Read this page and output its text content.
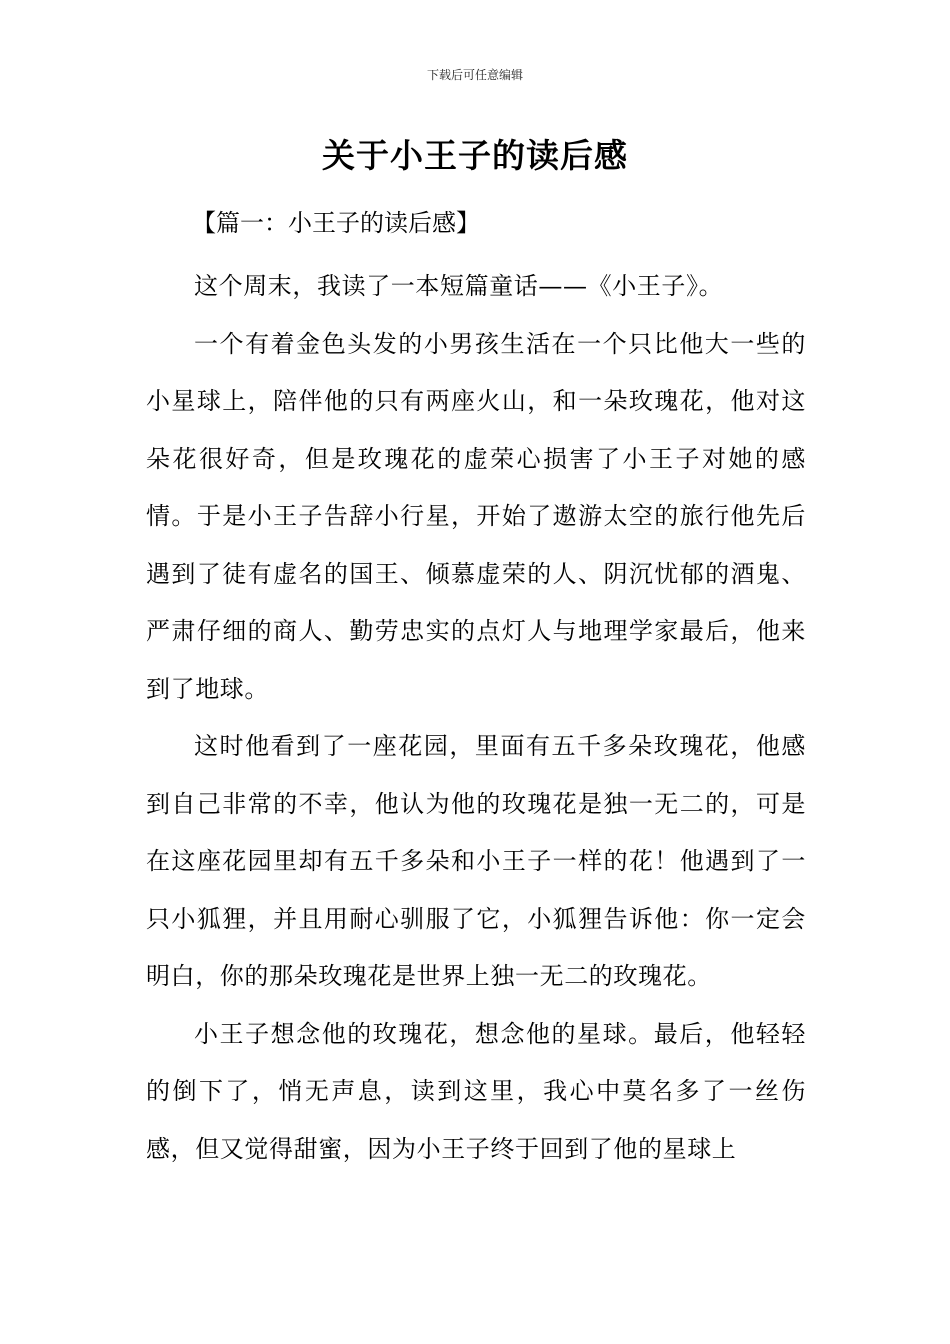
下载后可任意编辑
关于小王子的读后感
【篇一：小王子的读后感】

这个周末，我读了一本短篇童话——《小王子》。

一个有着金色头发的小男孩生活在一个只比他大一些的小星球上，陪伴他的只有两座火山，和一朵玫瑰花，他对这朵花很好奇，但是玫瑰花的虚荣心损害了小王子对她的感情。于是小王子告辞小行星，开始了遨游太空的旅行他先后遇到了徒有虚名的国王、倾慕虚荣的人、阴沉忧郁的酒鬼、严肃仔细的商人、勤劳忠实的点灯人与地理学家最后，他来到了地球。

这时他看到了一座花园，里面有五千多朵玫瑰花，他感到自己非常的不幸，他认为他的玫瑰花是独一无二的，可是在这座花园里却有五千多朵和小王子一样的花！他遇到了一只小狐狸，并且用耐心驯服了它，小狐狸告诉他：你一定会明白，你的那朵玫瑰花是世界上独一无二的玫瑰花。

小王子想念他的玫瑰花，想念他的星球。最后，他轻轻的倒下了，悄无声息，读到这里，我心中莫名多了一丝伤感，但又觉得甜蜜，因为小王子终于回到了他的星球上
